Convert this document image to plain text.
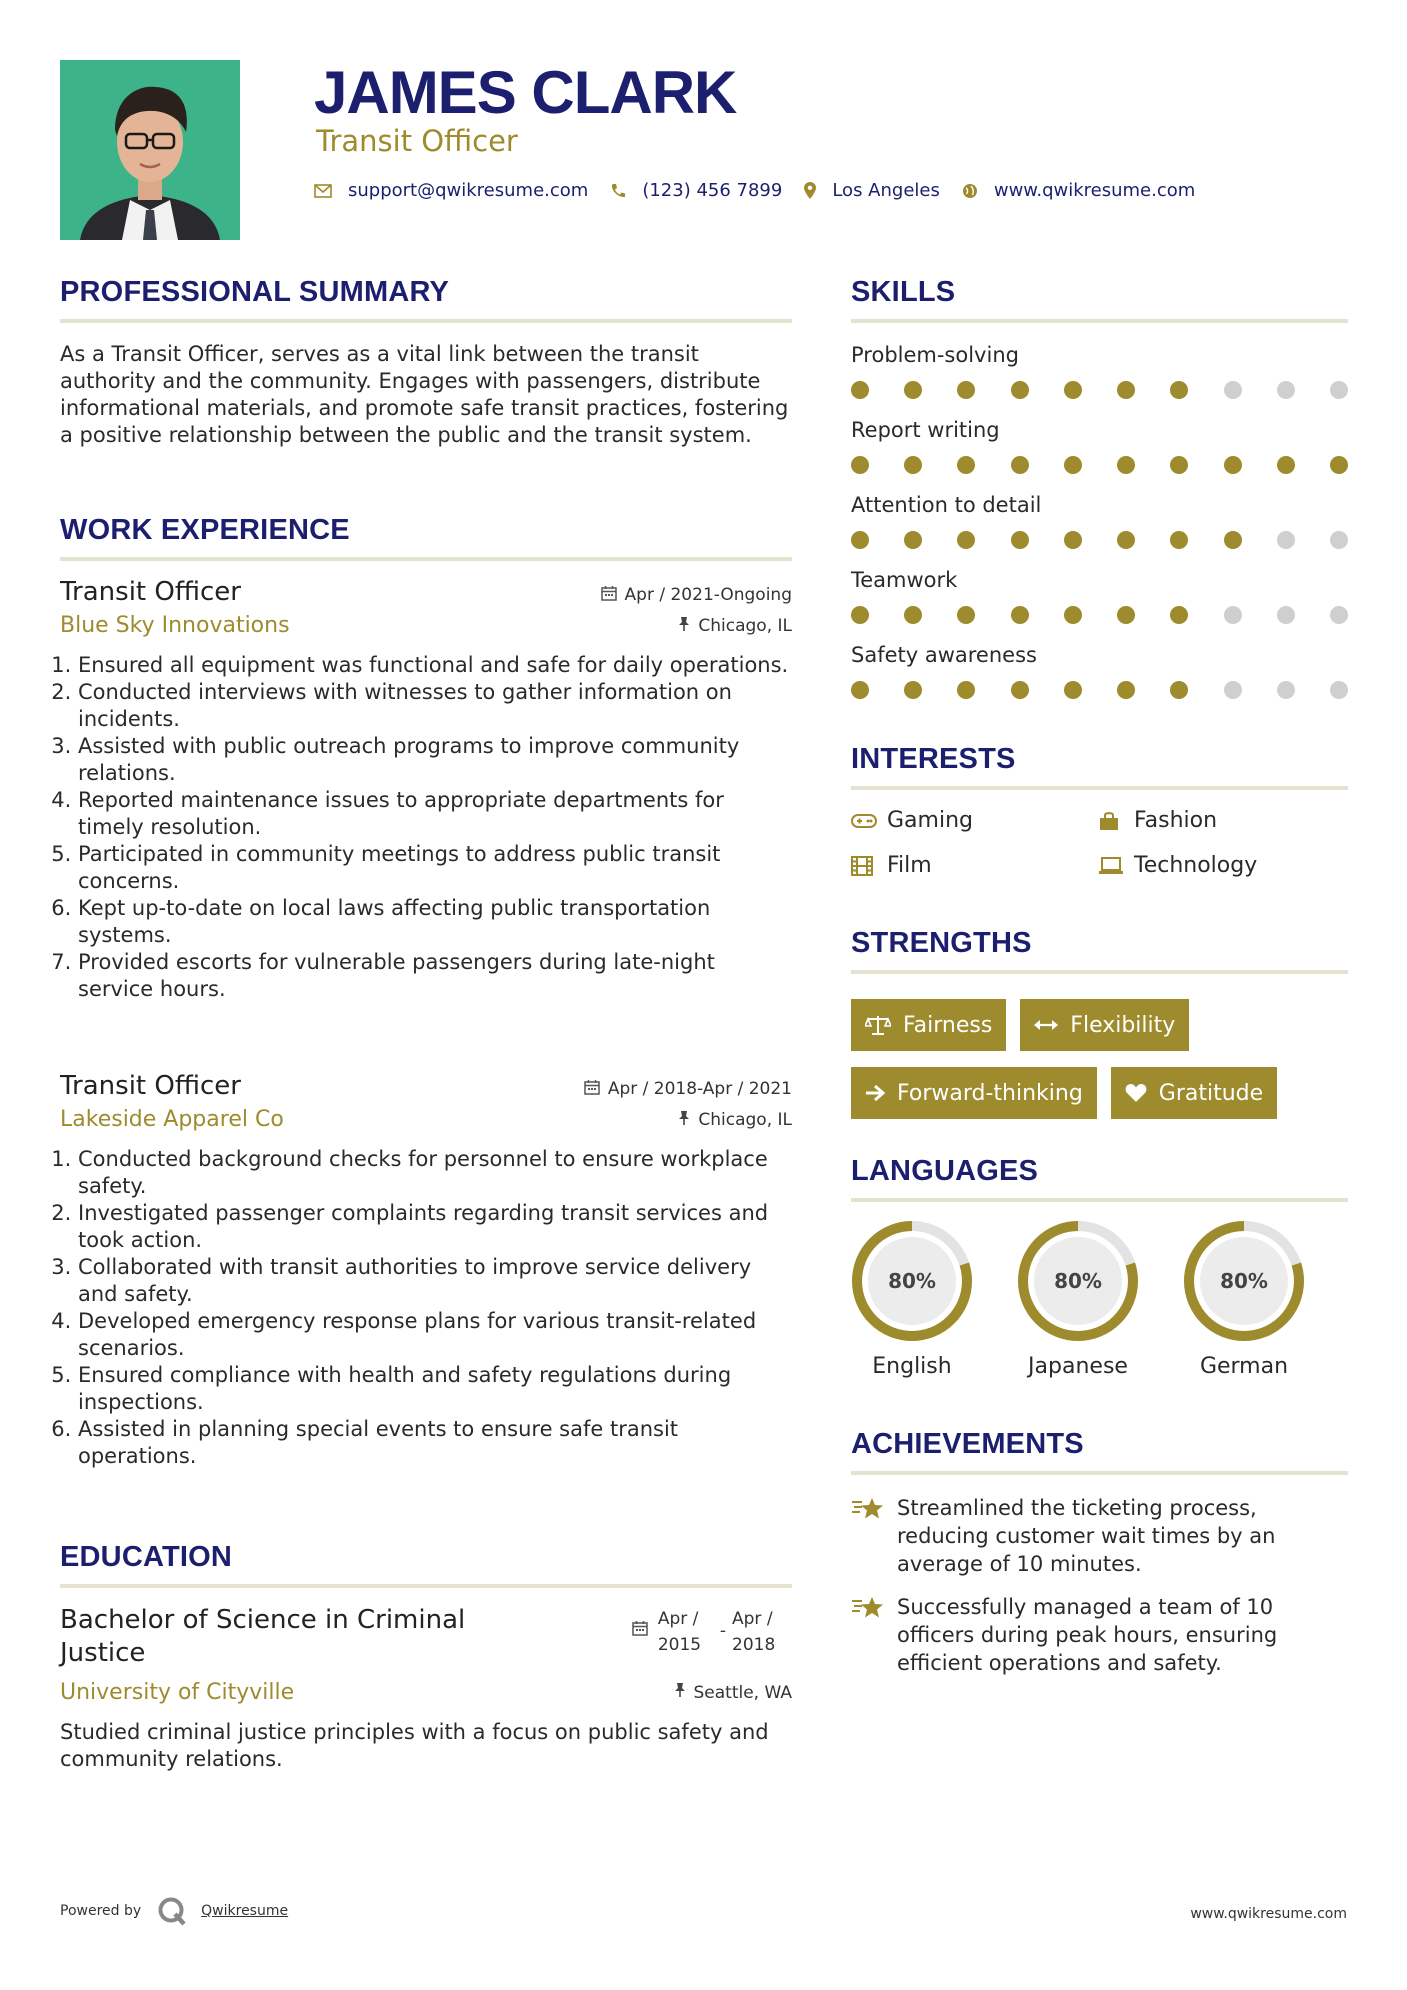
JAMES CLARK
Transit Officer
support@qwikresume.com	(123) 456 7899	Los Angeles	www.qwikresume.com
PROFESSIONAL SUMMARY

As a Transit Officer, serves as a vital link between the transit authority and the community. Engages with passengers, distribute informational materials, and promote safe transit practices, fostering a positive relationship between the public and the transit system.

WORK EXPERIENCE
Transit Officer	Apr / 2021-Ongoing
Blue Sky Innovations	Chicago, IL
1. Ensured all equipment was functional and safe for daily operations.
2. Conducted interviews with witnesses to gather information on incidents.
3. Assisted with public outreach programs to improve community relations.
4. Reported maintenance issues to appropriate departments for timely resolution.
5. Participated in community meetings to address public transit concerns.
6. Kept up-to-date on local laws affecting public transportation systems.
7. Provided escorts for vulnerable passengers during late-night service hours.
Transit Officer	Apr / 2018-Apr / 2021
Lakeside Apparel Co	Chicago, IL
1. Conducted background checks for personnel to ensure workplace safety.
2. Investigated passenger complaints regarding transit services and took action.
3. Collaborated with transit authorities to improve service delivery and safety.
4. Developed emergency response plans for various transit-related scenarios.
5. Ensured compliance with health and safety regulations during inspections.
6. Assisted in planning special events to ensure safe transit operations.
EDUCATION
Bachelor of Science in Criminal Justice
Apr /
2015
-
Apr /
2018
University of Cityville	Seattle, WA

Studied criminal justice principles with a focus on public safety and community relations.

SKILLS
Problem-solving
Report writing
Attention to detail
Teamwork
Safety awareness
INTERESTS
Gaming	Fashion
Film	Technology
STRENGTHS
Fairness	Flexibility
Forward-thinking	Gratitude
LANGUAGES
80%
English
80%
Japanese
80%
German
ACHIEVEMENTS
Streamlined the ticketing process, reducing customer wait times by an average of 10 minutes.
Successfully managed a team of 10 officers during peak hours, ensuring efficient operations and safety.
Powered by	Qwikresume	www.qwikresume.com
